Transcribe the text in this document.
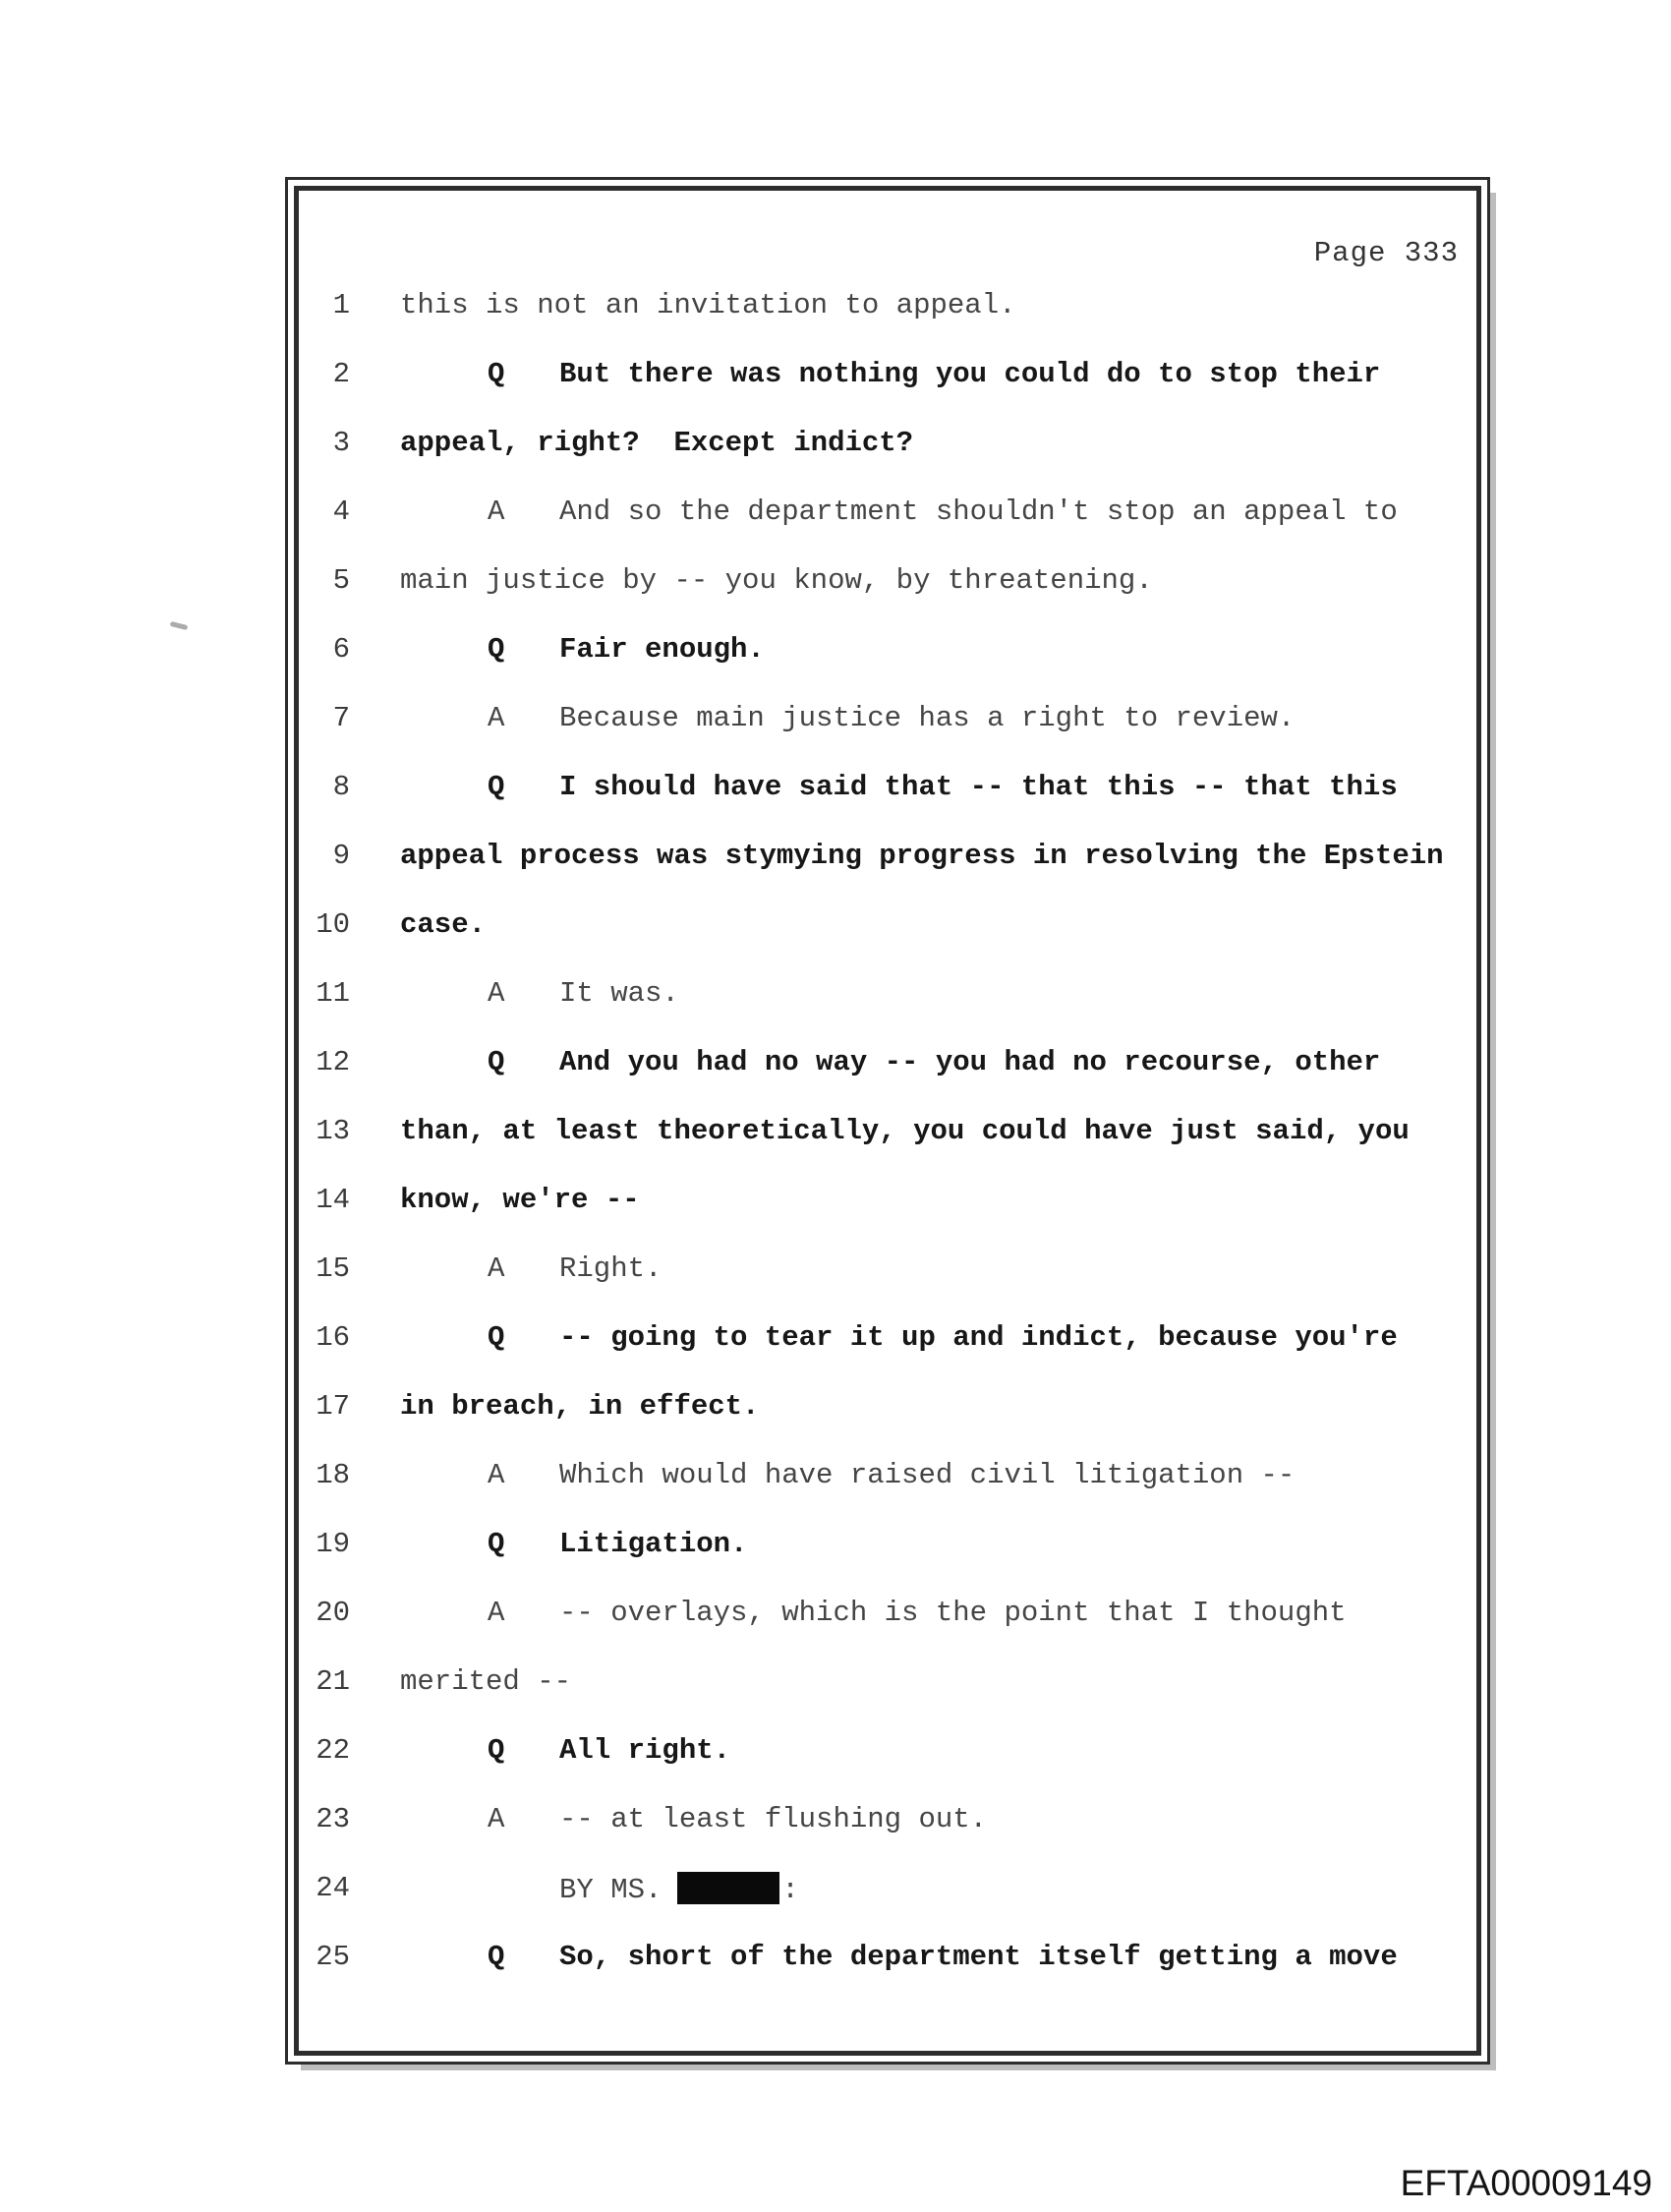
Page 333
1 this is not an invitation to appeal.
2	Q But there was nothing you could do to stop their
3 appeal, right?  Except indict?
4	A And so the department shouldn't stop an appeal to
5 main justice by -- you know, by threatening.
6	Q Fair enough.
7	A Because main justice has a right to review.
8	Q I should have said that -- that this -- that this
9 appeal process was stymying progress in resolving the Epstein
10 case.
11	A It was.
12	Q And you had no way -- you had no recourse, other
13 than, at least theoretically, you could have just said, you
14 know, we're --
15	A Right.
16	Q -- going to tear it up and indict, because you're
17 in breach, in effect.
18	A Which would have raised civil litigation --
19	Q Litigation.
20	A -- overlays, which is the point that I thought
21 merited --
22	Q All right.
23	A -- at least flushing out.
24	BY MS.	:
25	Q So, short of the department itself getting a move
EFTA00009149
